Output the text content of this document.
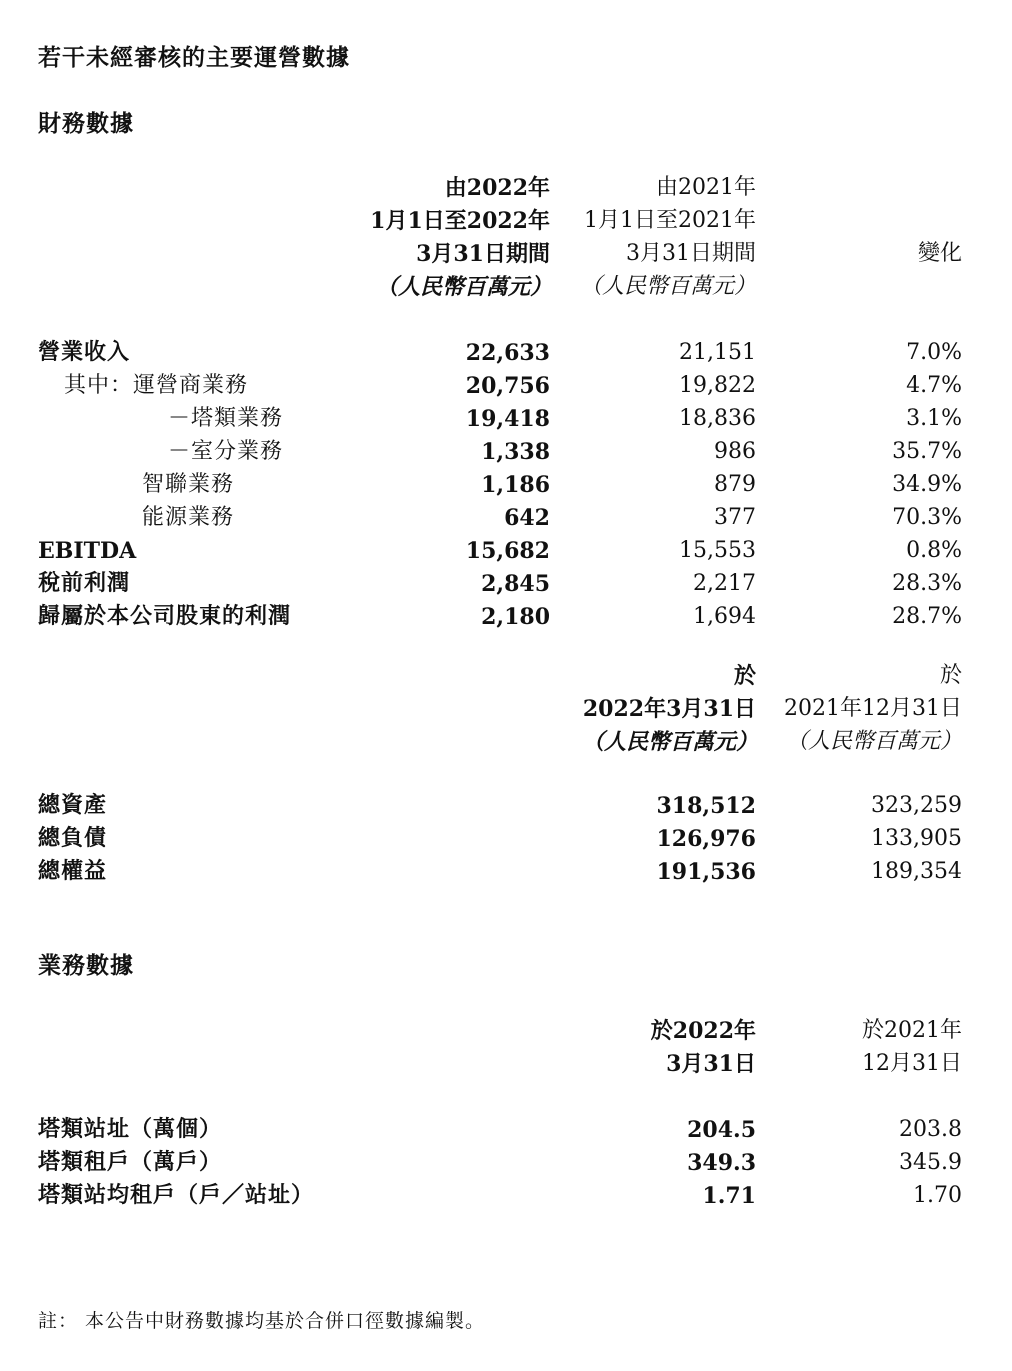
若干未經審核的主要運營數據
財務數據
由2022年
1月1日至2022年
3月31日期間
（人民幣百萬元）
由2021年
1月1日至2021年
3月31日期間
（人民幣百萬元）
變化
營業收入	22,633	21,151	7.0%
其中：運營商業務	20,756	19,822	4.7%
－塔類業務	19,418	18,836	3.1%
－室分業務	1,338	986	35.7%
智聯業務	1,186	879	34.9%
能源業務	642	377	70.3%
EBITDA	15,682	15,553	0.8%
稅前利潤	2,845	2,217	28.3%
歸屬於本公司股東的利潤	2,180	1,694	28.7%
於
2022年3月31日
（人民幣百萬元）
於
2021年12月31日
（人民幣百萬元）
總資產	318,512	323,259
總負債	126,976	133,905
總權益	191,536	189,354
業務數據
於2022年
3月31日
於2021年
12月31日
塔類站址（萬個）	204.5	203.8
塔類租戶（萬戶）	349.3	345.9
塔類站均租戶（戶／站址）	1.71	1.70
註： 本公告中財務數據均基於合併口徑數據編製。
